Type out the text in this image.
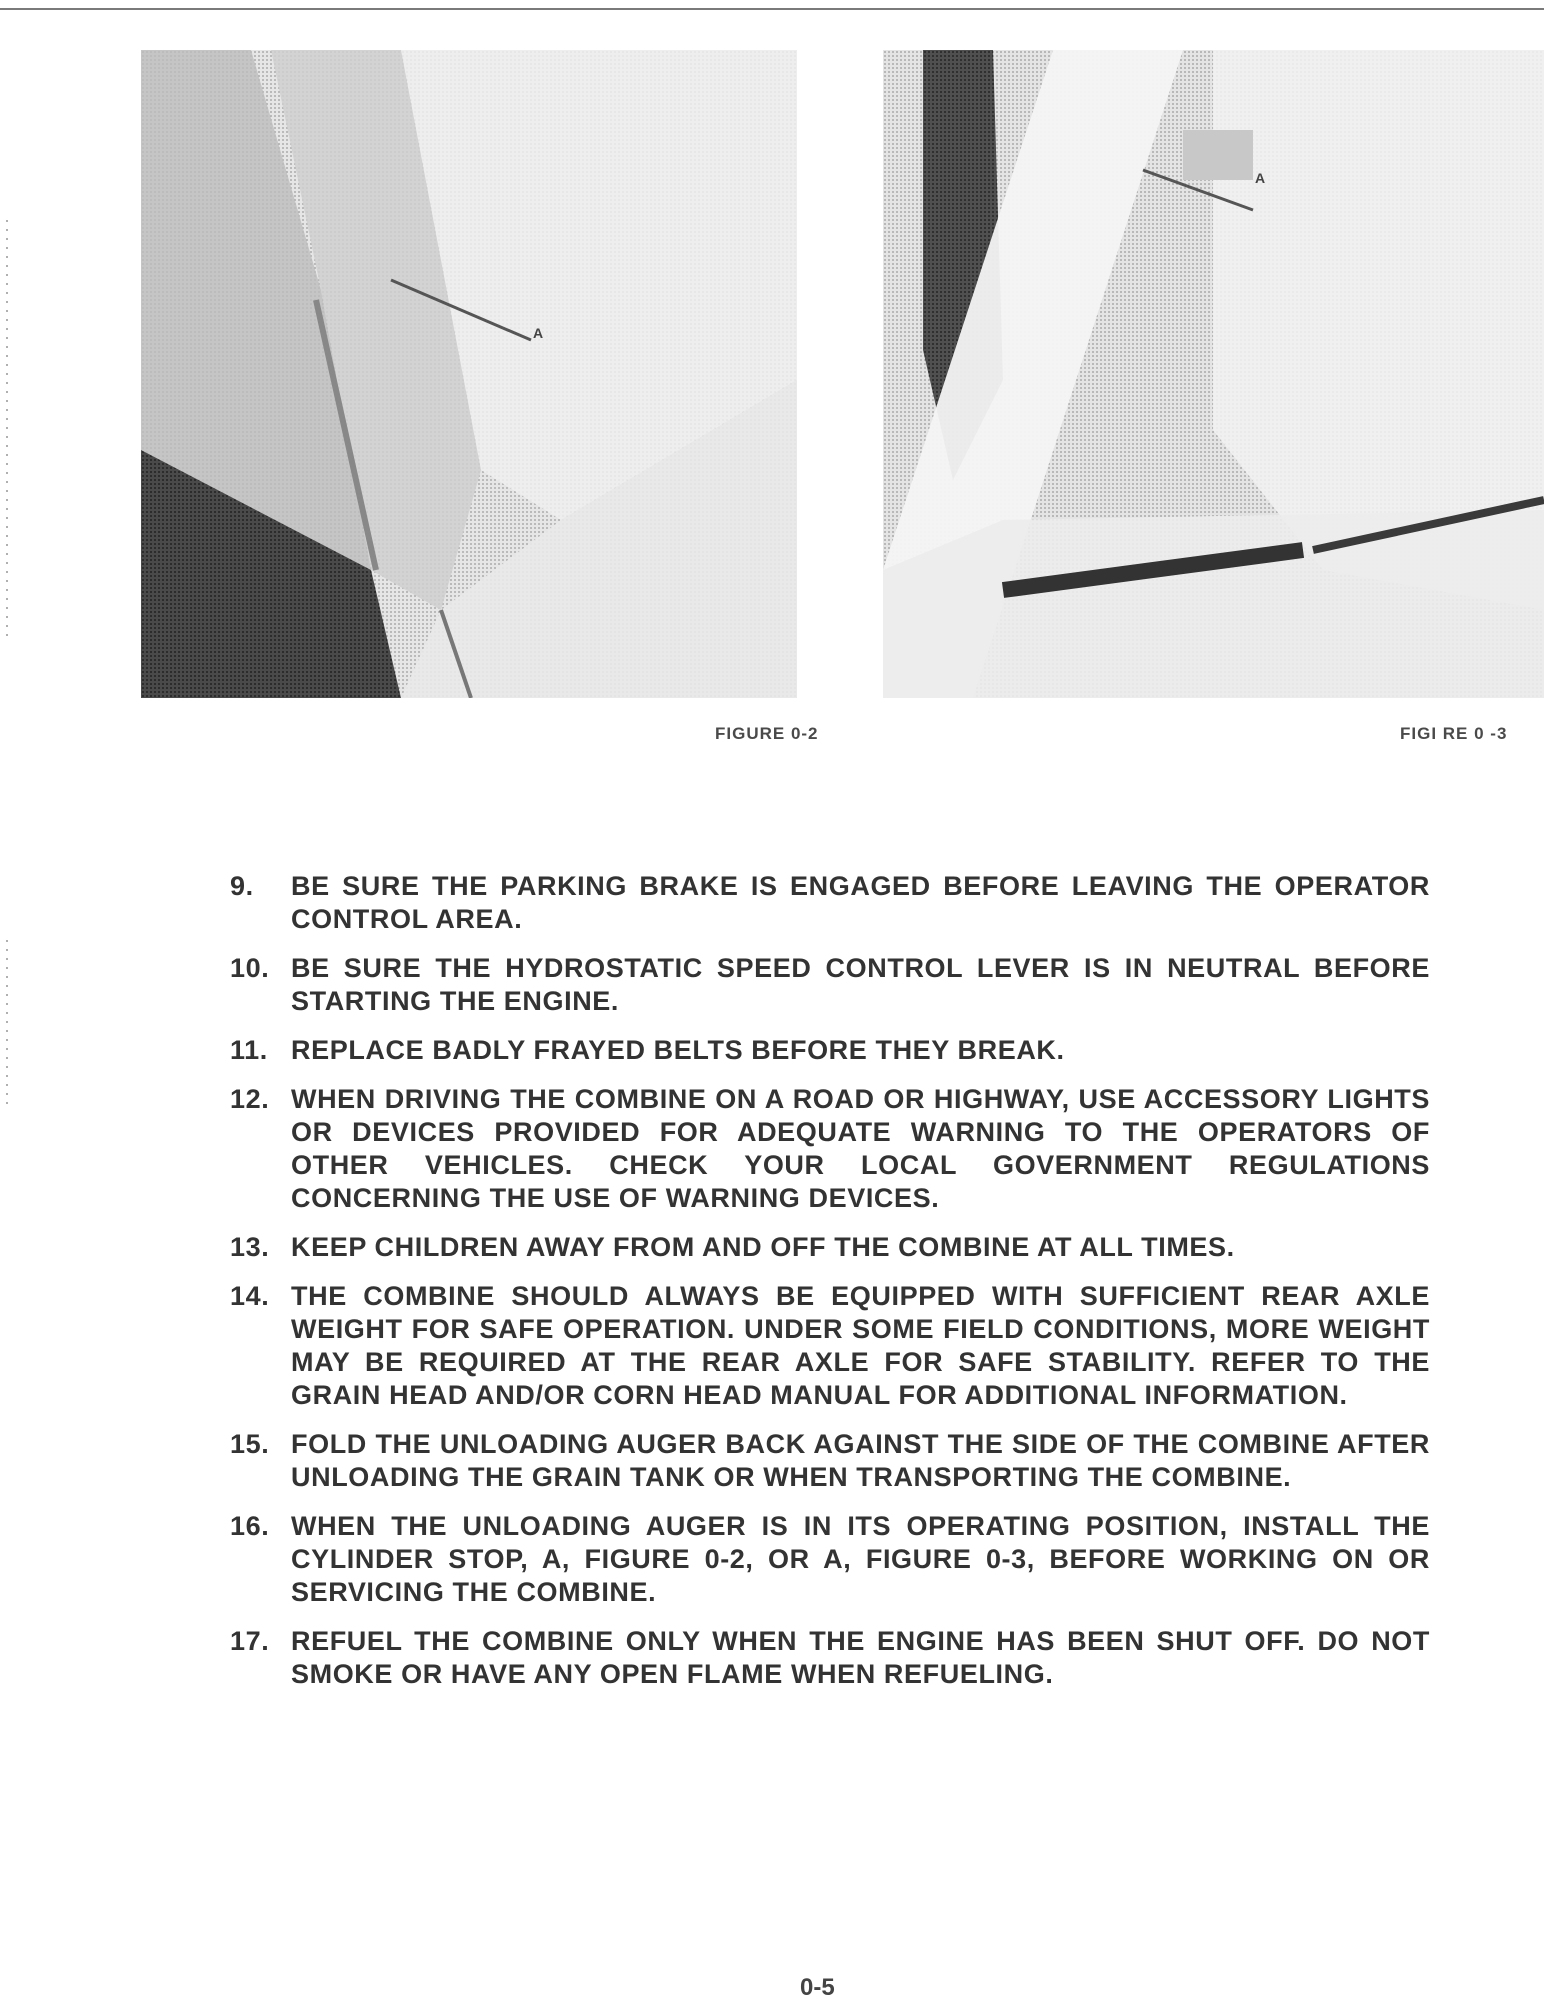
A
A
FIGURE 0-2	FIGI RE 0 -3
9.	BE SURE THE PARKING BRAKE IS ENGAGED BEFORE LEAVING THE OPERATOR CONTROL AREA.
10. BE SURE THE HYDROSTATIC SPEED CONTROL LEVER IS IN NEUTRAL BEFORE STARTING THE ENGINE.
11. REPLACE BADLY FRAYED BELTS BEFORE THEY BREAK.
12. WHEN DRIVING THE COMBINE ON A ROAD OR HIGHWAY, USE ACCESSORY LIGHTS OR DEVICES PROVIDED FOR ADEQUATE WARNING TO THE OPERATORS OF OTHER VEHICLES. CHECK YOUR LOCAL GOVERNMENT REGULATIONS CONCERNING THE USE OF WARNING DEVICES.
13. KEEP CHILDREN AWAY FROM AND OFF THE COMBINE AT ALL TIMES.
14. THE COMBINE SHOULD ALWAYS BE EQUIPPED WITH SUFFICIENT REAR AXLE WEIGHT FOR SAFE OPERATION. UNDER SOME FIELD CONDITIONS, MORE WEIGHT MAY BE REQUIRED AT THE REAR AXLE FOR SAFE STABILITY. REFER TO THE GRAIN HEAD AND/OR CORN HEAD MANUAL FOR ADDITIONAL INFORMATION.
15. FOLD THE UNLOADING AUGER BACK AGAINST THE SIDE OF THE COMBINE AFTER UNLOADING THE GRAIN TANK OR WHEN TRANSPORTING THE COMBINE.
16. WHEN THE UNLOADING AUGER IS IN ITS OPERATING POSITION, INSTALL THE CYLINDER STOP, A, FIGURE 0-2, OR A, FIGURE 0-3, BEFORE WORKING ON OR SERVICING THE COMBINE.
17. REFUEL THE COMBINE ONLY WHEN THE ENGINE HAS BEEN SHUT OFF. DO NOT SMOKE OR HAVE ANY OPEN FLAME WHEN REFUELING.
0-5
